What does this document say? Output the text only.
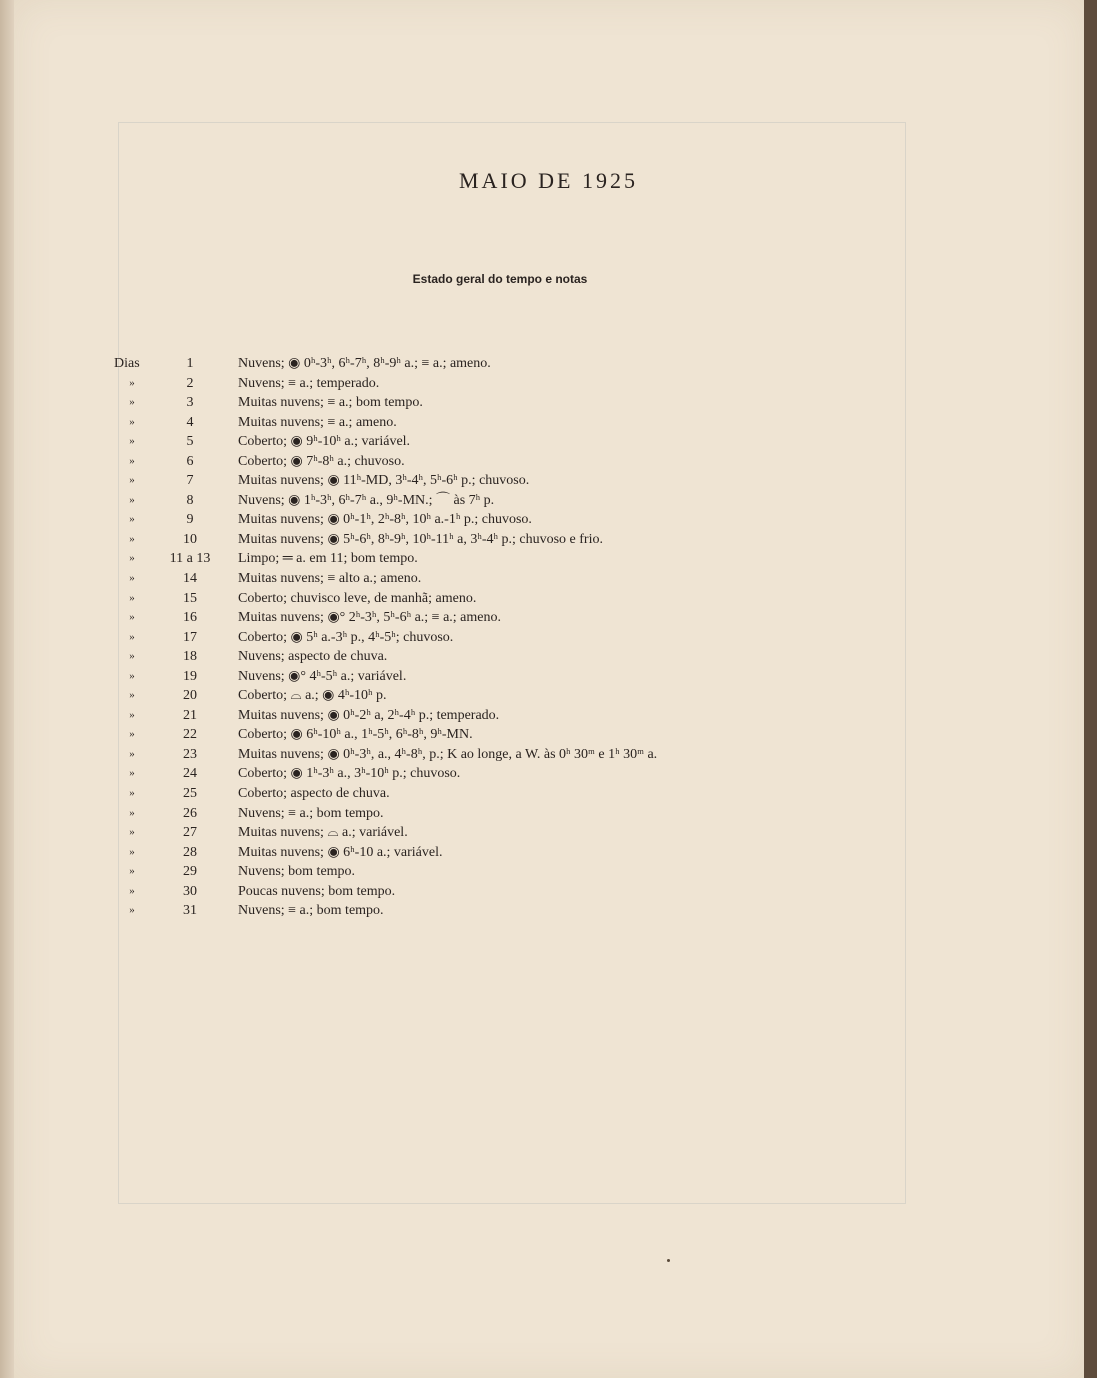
MAIO DE 1925
Estado geral do tempo e notas
Dias	1	Nuvens; ◉ 0ʰ-3ʰ, 6ʰ-7ʰ, 8ʰ-9ʰ a.; ≡ a.; ameno.
»	2	Nuvens; ≡ a.; temperado.
»	3	Muitas nuvens; ≡ a.; bom tempo.
»	4	Muitas nuvens; ≡ a.; ameno.
»	5	Coberto; ◉ 9ʰ-10ʰ a.; variável.
»	6	Coberto; ◉ 7ʰ-8ʰ a.; chuvoso.
»	7	Muitas nuvens; ◉ 11ʰ-MD, 3ʰ-4ʰ, 5ʰ-6ʰ p.; chuvoso.
»	8	Nuvens; ◉ 1ʰ-3ʰ, 6ʰ-7ʰ a., 9ʰ-MN.; ⌒ às 7ʰ p.
»	9	Muitas nuvens; ◉ 0ʰ-1ʰ, 2ʰ-8ʰ, 10ʰ a.-1ʰ p.; chuvoso.
»	10	Muitas nuvens; ◉ 5ʰ-6ʰ, 8ʰ-9ʰ, 10ʰ-11ʰ a, 3ʰ-4ʰ p.; chuvoso e frio.
»	11 a 13	Limpo; ═ a. em 11; bom tempo.
»	14	Muitas nuvens; ≡ alto a.; ameno.
»	15	Coberto; chuvisco leve, de manhã; ameno.
»	16	Muitas nuvens; ◉° 2ʰ-3ʰ, 5ʰ-6ʰ a.; ≡ a.; ameno.
»	17	Coberto; ◉ 5ʰ a.-3ʰ p., 4ʰ-5ʰ; chuvoso.
»	18	Nuvens; aspecto de chuva.
»	19	Nuvens; ◉° 4ʰ-5ʰ a.; variável.
»	20	Coberto; ⌓ a.; ◉ 4ʰ-10ʰ p.
»	21	Muitas nuvens; ◉ 0ʰ-2ʰ a, 2ʰ-4ʰ p.; temperado.
»	22	Coberto; ◉ 6ʰ-10ʰ a., 1ʰ-5ʰ, 6ʰ-8ʰ, 9ʰ-MN.
»	23	Muitas nuvens; ◉ 0ʰ-3ʰ, a., 4ʰ-8ʰ, p.; K ao longe, a W. às 0ʰ 30ᵐ e 1ʰ 30ᵐ a.
»	24	Coberto; ◉ 1ʰ-3ʰ a., 3ʰ-10ʰ p.; chuvoso.
»	25	Coberto; aspecto de chuva.
»	26	Nuvens; ≡ a.; bom tempo.
»	27	Muitas nuvens; ⌓ a.; variável.
»	28	Muitas nuvens; ◉ 6ʰ-10 a.; variável.
»	29	Nuvens; bom tempo.
»	30	Poucas nuvens; bom tempo.
»	31	Nuvens; ≡ a.; bom tempo.
